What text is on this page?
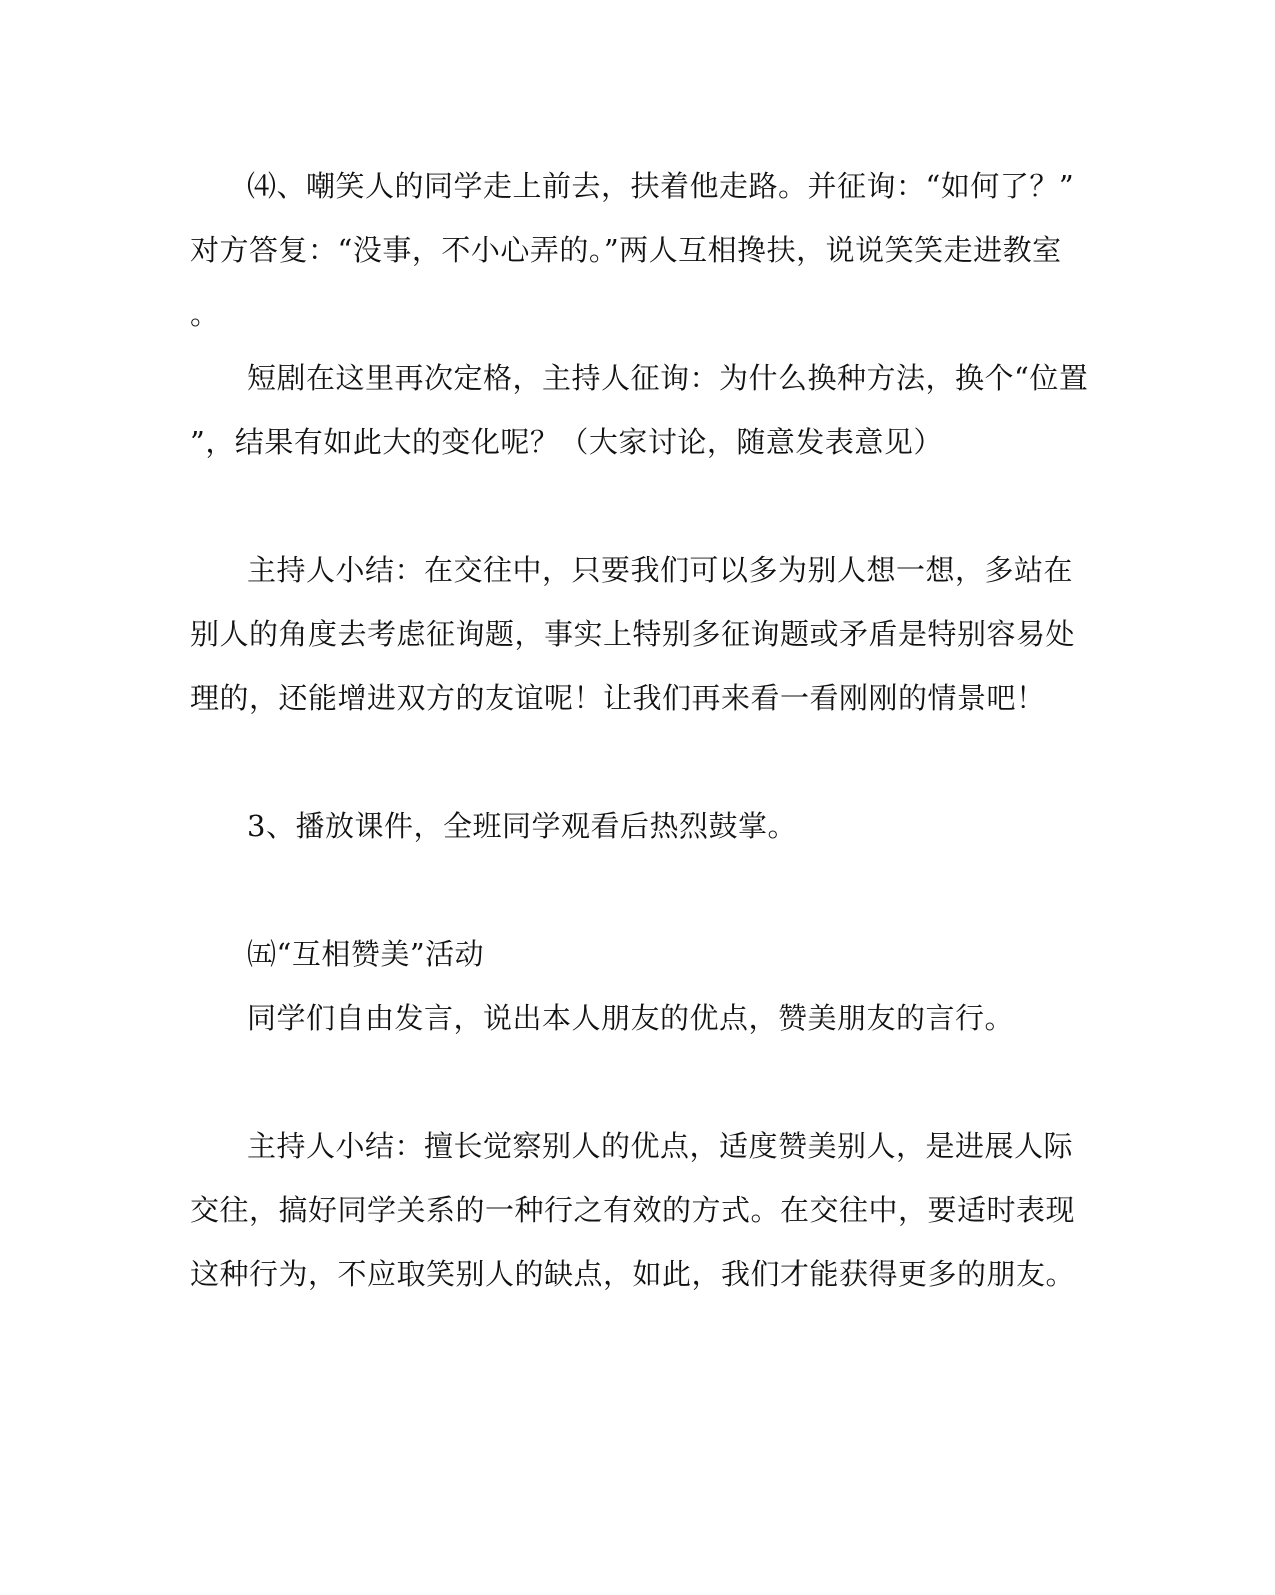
⑷、嘲笑人的同学走上前去，扶着他走路。并征询：“如何了？”
对方答复：“没事，不小心弄的。”两人互相搀扶，说说笑笑走进教室
。
短剧在这里再次定格，主持人征询：为什么换种方法，换个“位置
”，结果有如此大的变化呢？（大家讨论，随意发表意见）
主持人小结：在交往中，只要我们可以多为别人想一想，多站在
别人的角度去考虑征询题，事实上特别多征询题或矛盾是特别容易处
理的，还能增进双方的友谊呢！让我们再来看一看刚刚的情景吧！
3、播放课件，全班同学观看后热烈鼓掌。
㈤“互相赞美”活动
同学们自由发言，说出本人朋友的优点，赞美朋友的言行。
主持人小结：擅长觉察别人的优点，适度赞美别人，是进展人际
交往，搞好同学关系的一种行之有效的方式。在交往中，要适时表现
这种行为，不应取笑别人的缺点，如此，我们才能获得更多的朋友。
